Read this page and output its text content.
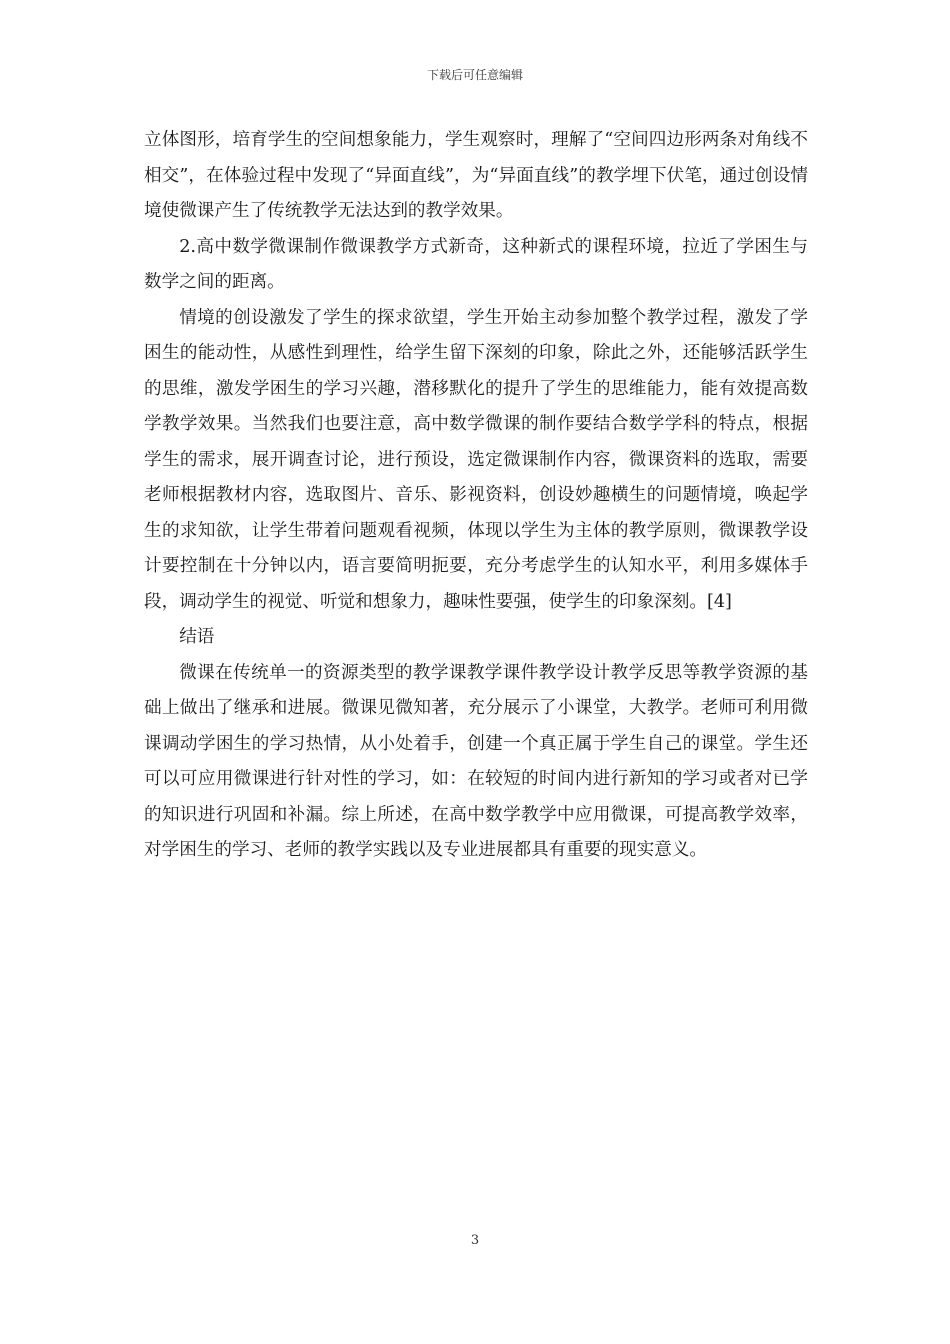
下载后可任意编辑

立体图形，培育学生的空间想象能力，学生观察时，理解了“空间四边形两条对角线不相交”，在体验过程中发现了“异面直线”，为“异面直线”的教学埋下伏笔，通过创设情境使微课产生了传统教学无法达到的教学效果。

2.高中数学微课制作微课教学方式新奇，这种新式的课程环境，拉近了学困生与数学之间的距离。

情境的创设激发了学生的探求欲望，学生开始主动参加整个教学过程，激发了学困生的能动性，从感性到理性，给学生留下深刻的印象，除此之外，还能够活跃学生的思维，激发学困生的学习兴趣，潜移默化的提升了学生的思维能力，能有效提高数学教学效果。当然我们也要注意，高中数学微课的制作要结合数学学科的特点，根据学生的需求，展开调查讨论，进行预设，选定微课制作内容，微课资料的选取，需要老师根据教材内容，选取图片、音乐、影视资料，创设妙趣横生的问题情境，唤起学生的求知欲，让学生带着问题观看视频，体现以学生为主体的教学原则，微课教学设计要控制在十分钟以内，语言要简明扼要，充分考虑学生的认知水平，利用多媒体手段，调动学生的视觉、听觉和想象力，趣味性要强，使学生的印象深刻。[4]

结语

微课在传统单一的资源类型的教学课教学课件教学设计教学反思等教学资源的基础上做出了继承和进展。微课见微知著，充分展示了小课堂，大教学。老师可利用微课调动学困生的学习热情，从小处着手，创建一个真正属于学生自己的课堂。学生还可以可应用微课进行针对性的学习，如：在较短的时间内进行新知的学习或者对已学的知识进行巩固和补漏。综上所述，在高中数学教学中应用微课，可提高教学效率，对学困生的学习、老师的教学实践以及专业进展都具有重要的现实意义。

3
